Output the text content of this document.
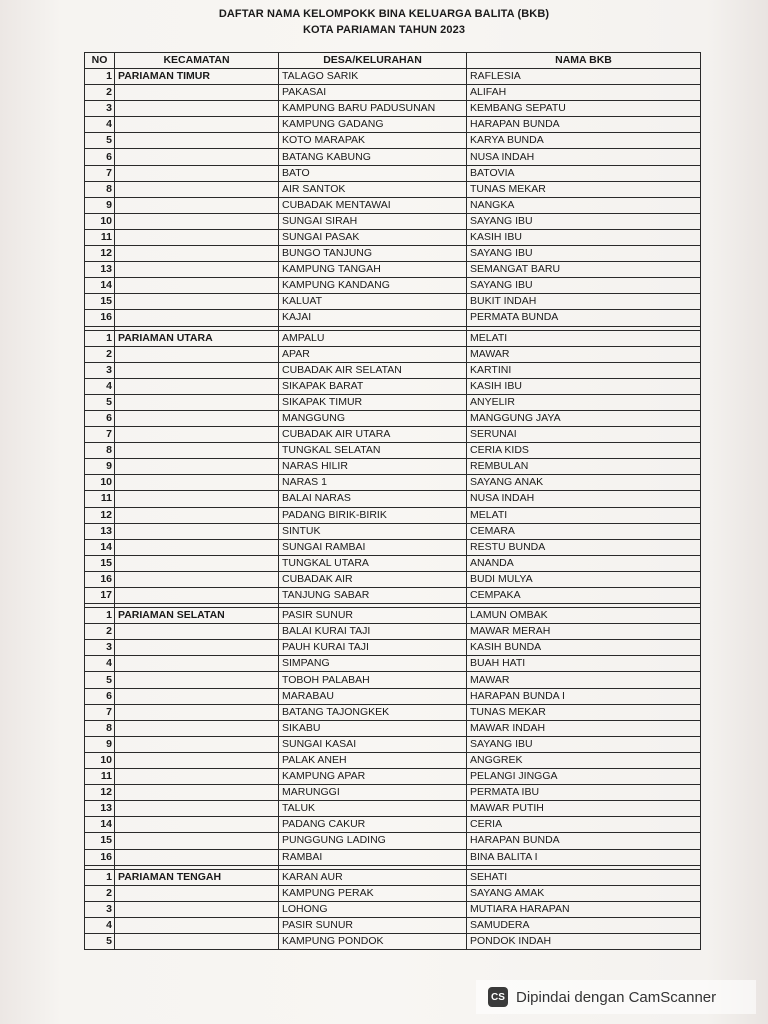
DAFTAR NAMA KELOMPOKK BINA KELUARGA BALITA (BKB)
KOTA PARIAMAN TAHUN 2023
NO	KECAMATAN	DESA/KELURAHAN	NAMA BKB
1	PARIAMAN TIMUR	TALAGO SARIK	RAFLESIA
2		PAKASAI	ALIFAH
3		KAMPUNG BARU PADUSUNAN	KEMBANG SEPATU
4		KAMPUNG GADANG	HARAPAN BUNDA
5		KOTO MARAPAK	KARYA BUNDA
6		BATANG KABUNG	NUSA INDAH
7		BATO	BATOVIA
8		AIR SANTOK	TUNAS MEKAR
9		CUBADAK MENTAWAI	NANGKA
10		SUNGAI SIRAH	SAYANG IBU
11		SUNGAI PASAK	KASIH IBU
12		BUNGO TANJUNG	SAYANG IBU
13		KAMPUNG TANGAH	SEMANGAT BARU
14		KAMPUNG KANDANG	SAYANG IBU
15		KALUAT	BUKIT INDAH
16		KAJAI	PERMATA BUNDA

1	PARIAMAN UTARA	AMPALU	MELATI
2		APAR	MAWAR
3		CUBADAK AIR SELATAN	KARTINI
4		SIKAPAK BARAT	KASIH IBU
5		SIKAPAK TIMUR	ANYELIR
6		MANGGUNG	MANGGUNG JAYA
7		CUBADAK AIR UTARA	SERUNAI
8		TUNGKAL SELATAN	CERIA KIDS
9		NARAS HILIR	REMBULAN
10		NARAS 1	SAYANG ANAK
11		BALAI NARAS	NUSA INDAH
12		PADANG BIRIK-BIRIK	MELATI
13		SINTUK	CEMARA
14		SUNGAI RAMBAI	RESTU BUNDA
15		TUNGKAL UTARA	ANANDA
16		CUBADAK AIR	BUDI MULYA
17		TANJUNG SABAR	CEMPAKA

1	PARIAMAN SELATAN	PASIR SUNUR	LAMUN OMBAK
2		BALAI KURAI TAJI	MAWAR MERAH
3		PAUH KURAI TAJI	KASIH BUNDA
4		SIMPANG	BUAH HATI
5		TOBOH PALABAH	MAWAR
6		MARABAU	HARAPAN BUNDA I
7		BATANG TAJONGKEK	TUNAS MEKAR
8		SIKABU	MAWAR INDAH
9		SUNGAI KASAI	SAYANG IBU
10		PALAK ANEH	ANGGREK
11		KAMPUNG APAR	PELANGI JINGGA
12		MARUNGGI	PERMATA IBU
13		TALUK	MAWAR PUTIH
14		PADANG CAKUR	CERIA
15		PUNGGUNG LADING	HARAPAN BUNDA
16		RAMBAI	BINA BALITA I

1	PARIAMAN TENGAH	KARAN AUR	SEHATI
2		KAMPUNG PERAK	SAYANG AMAK
3		LOHONG	MUTIARA HARAPAN
4		PASIR SUNUR	SAMUDERA
5		KAMPUNG PONDOK	PONDOK INDAH
CS Dipindai dengan CamScanner
